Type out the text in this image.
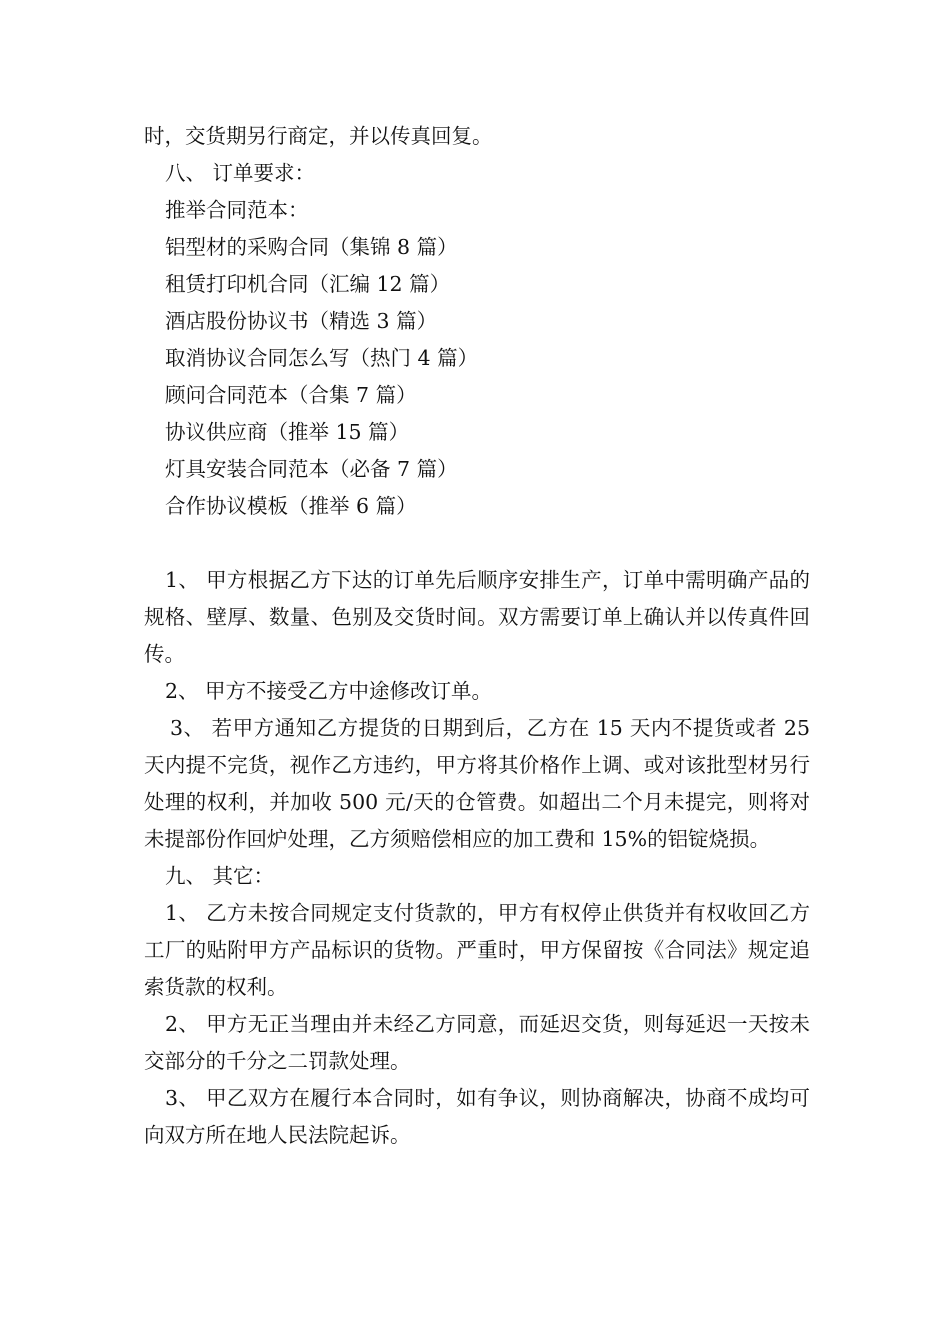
时，交货期另行商定，并以传真回复。

八、 订单要求：

推举合同范本：

铝型材的采购合同（集锦 8 篇）

租赁打印机合同（汇编 12 篇）

酒店股份协议书（精选 3 篇）

取消协议合同怎么写（热门 4 篇）

顾问合同范本（合集 7 篇）

协议供应商（推举 15 篇）

灯具安装合同范本（必备 7 篇）

合作协议模板（推举 6 篇）

1、 甲方根据乙方下达的订单先后顺序安排生产，订单中需明确产品的规格、壁厚、数量、色别及交货时间。双方需要订单上确认并以传真件回传。

2、 甲方不接受乙方中途修改订单。

3、 若甲方通知乙方提货的日期到后，乙方在 15 天内不提货或者 25 天内提不完货，视作乙方违约，甲方将其价格作上调、或对该批型材另行处理的权利，并加收 500 元/天的仓管费。如超出二个月未提完，则将对未提部份作回炉处理，乙方须赔偿相应的加工费和 15%的铝锭烧损。

九、 其它：

1、 乙方未按合同规定支付货款的，甲方有权停止供货并有权收回乙方工厂的贴附甲方产品标识的货物。严重时，甲方保留按《合同法》规定追索货款的权利。

2、 甲方无正当理由并未经乙方同意，而延迟交货，则每延迟一天按未交部分的千分之二罚款处理。

3、 甲乙双方在履行本合同时，如有争议，则协商解决，协商不成均可向双方所在地人民法院起诉。
